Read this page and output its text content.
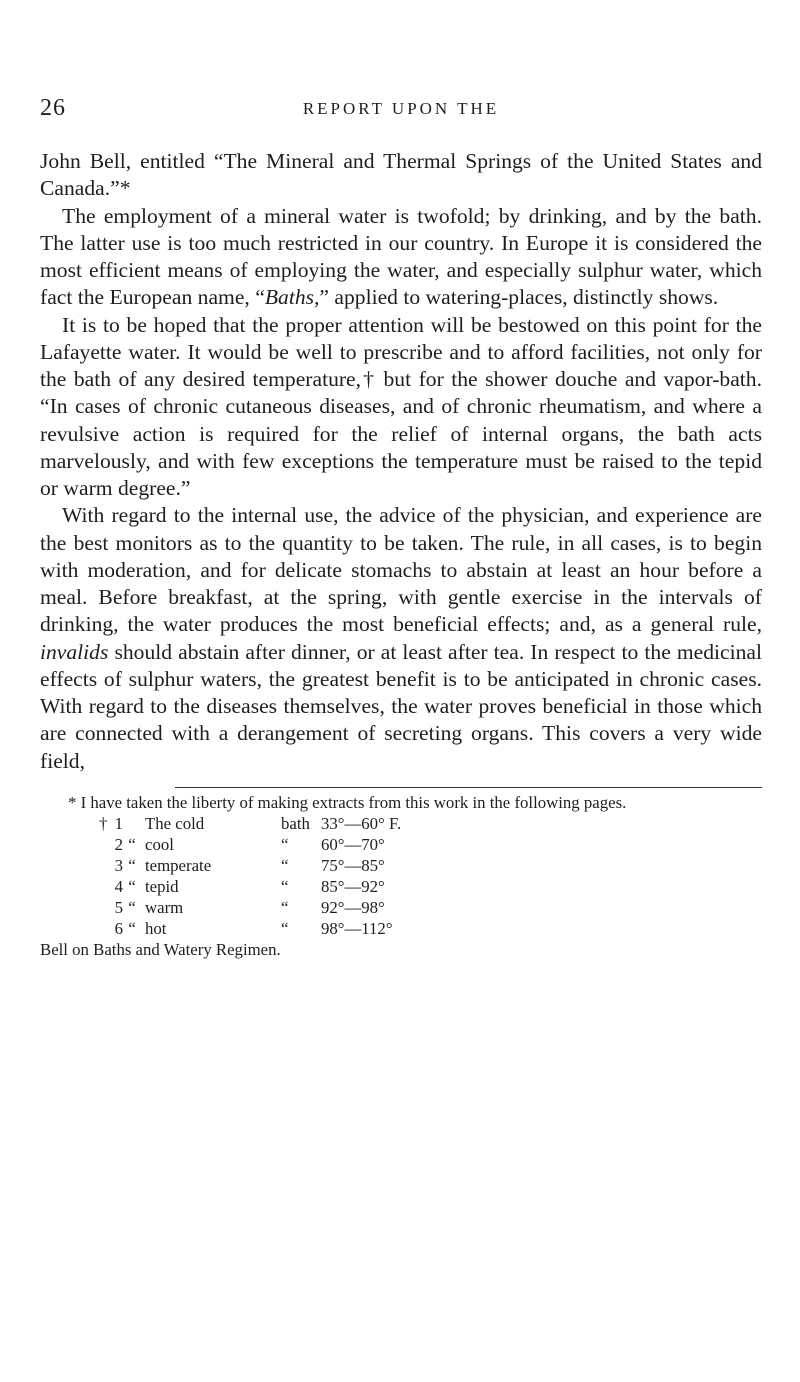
26	REPORT UPON THE

John Bell, entitled “The Mineral and Thermal Springs of the United States and Canada.”*

The employment of a mineral water is twofold; by drinking, and by the bath. The latter use is too much restricted in our country. In Europe it is considered the most efficient means of employing the water, and especially sulphur water, which fact the European name, “Baths,” applied to watering-places, distinctly shows.

It is to be hoped that the proper attention will be bestowed on this point for the Lafayette water. It would be well to prescribe and to afford facilities, not only for the bath of any desired temperature,† but for the shower douche and vapor-bath. “In cases of chronic cutaneous diseases, and of chronic rheumatism, and where a revulsive action is required for the relief of internal organs, the bath acts marvelously, and with few exceptions the temperature must be raised to the tepid or warm degree.”

With regard to the internal use, the advice of the physician, and experience are the best monitors as to the quantity to be taken. The rule, in all cases, is to begin with moderation, and for delicate stomachs to abstain at least an hour before a meal. Before breakfast, at the spring, with gentle exercise in the intervals of drinking, the water produces the most beneficial effects; and, as a general rule, invalids should abstain after dinner, or at least after tea. In respect to the medicinal effects of sulphur waters, the greatest benefit is to be anticipated in chronic cases. With regard to the diseases themselves, the water proves beneficial in those which are connected with a derangement of secreting organs. This covers a very wide field,

* I have taken the liberty of making extracts from this work in the following pages.

†	1		The cold	bath	33°—60° F.
	2	“	cool	“	60°—70°
	3	“	temperate	“	75°—85°
	4	“	tepid	“	85°—92°
	5	“	warm	“	92°—98°
	6	“	hot	“	98°—112°

Bell on Baths and Watery Regimen.
